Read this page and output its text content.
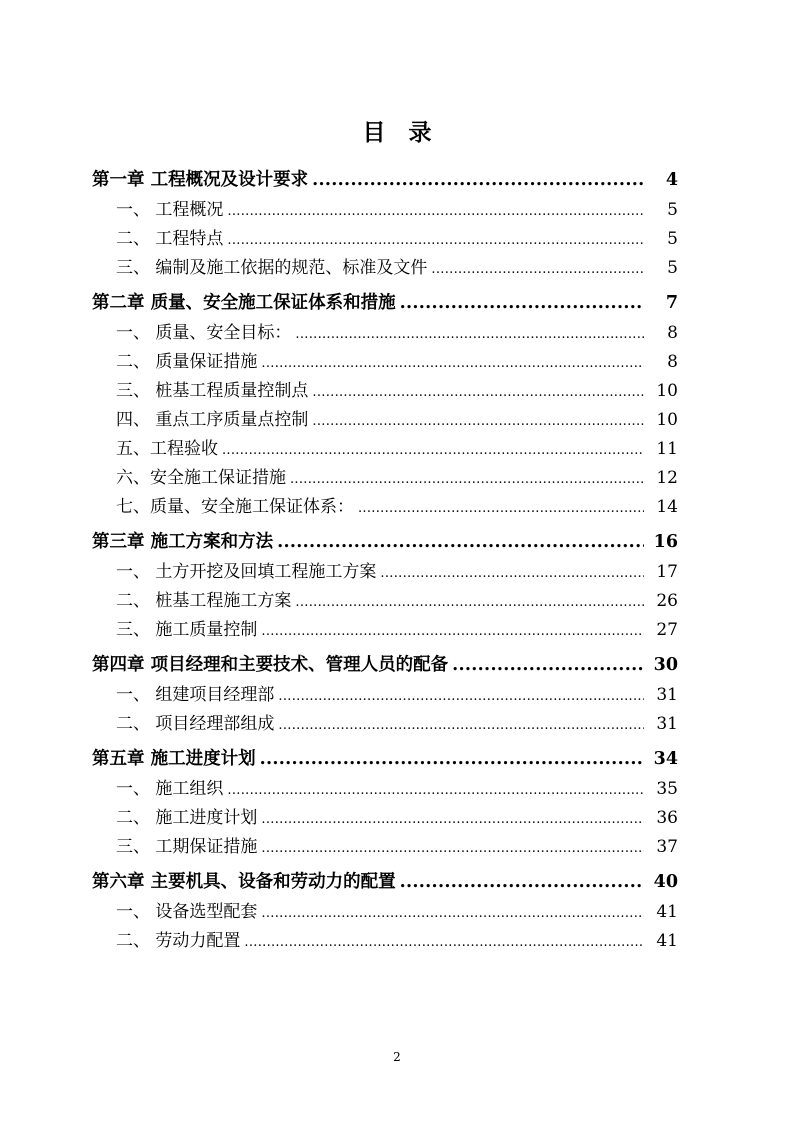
目　录
第一章 工程概况及设计要求 .....	4
一、 工程概况 .....	5
二、 工程特点 .....	5
三、 编制及施工依据的规范、标准及文件 .....	5
第二章 质量、安全施工保证体系和措施 .....	7
一、 质量、安全目标： .....	8
二、 质量保证措施 .....	8
三、 桩基工程质量控制点 .....	10
四、 重点工序质量点控制 .....	10
五、工程验收 .....	11
六、安全施工保证措施 .....	12
七、质量、安全施工保证体系： .....	14
第三章 施工方案和方法 .....	16
一、 土方开挖及回填工程施工方案 .....	17
二、 桩基工程施工方案 .....	26
三、 施工质量控制 .....	27
第四章 项目经理和主要技术、管理人员的配备 .....	30
一、 组建项目经理部 .....	31
二、 项目经理部组成 .....	31
第五章 施工进度计划 .....	34
一、 施工组织 .....	35
二、 施工进度计划 .....	36
三、 工期保证措施 .....	37
第六章 主要机具、设备和劳动力的配置 .....	40
一、 设备选型配套 .....	41
二、 劳动力配置 .....	41
2
